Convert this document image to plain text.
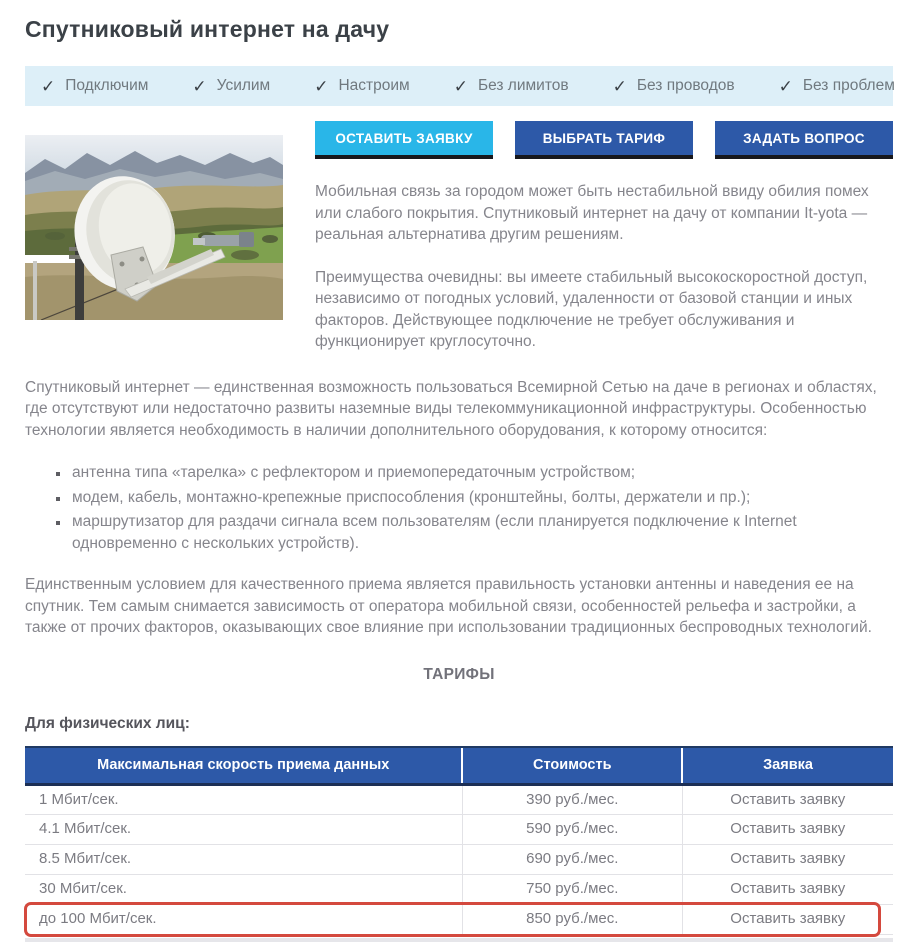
Спутниковый интернет на дачу
✓ Подключим	✓ Усилим	✓ Настроим	✓ Без лимитов	✓ Без проводов	✓ Без проблем
ОСТАВИТЬ ЗАЯВКУ	ВЫБРАТЬ ТАРИФ	ЗАДАТЬ ВОПРОС

Мобильная связь за городом может быть нестабильной ввиду обилия помех или слабого покрытия. Спутниковый интернет на дачу от компании It-yota — реальная альтернатива другим решениям.

Преимущества очевидны: вы имеете стабильный высокоскоростной доступ, независимо от погодных условий, удаленности от базовой станции и иных факторов. Действующее подключение не требует обслуживания и функционирует круглосуточно.

Спутниковый интернет — единственная возможность пользоваться Всемирной Сетью на даче в регионах и областях, где отсутствуют или недостаточно развиты наземные виды телекоммуникационной инфраструктуры. Особенностью технологии является необходимость в наличии дополнительного оборудования, к которому относится:

▪ антенна типа «тарелка» с рефлектором и приемопередаточным устройством;
▪ модем, кабель, монтажно-крепежные приспособления (кронштейны, болты, держатели и пр.);
▪ маршрутизатор для раздачи сигнала всем пользователям (если планируется подключение к Internet одновременно с нескольких устройств).

Единственным условием для качественного приема является правильность установки антенны и наведения ее на спутник. Тем самым снимается зависимость от оператора мобильной связи, особенностей рельефа и застройки, а также от прочих факторов, оказывающих свое влияние при использовании традиционных беспроводных технологий.

ТАРИФЫ
Для физических лиц:
Максимальная скорость приема данных	Стоимость	Заявка
1 Мбит/сек.	390 руб./мес.	Оставить заявку
4.1 Мбит/сек.	590 руб./мес.	Оставить заявку
8.5 Мбит/сек.	690 руб./мес.	Оставить заявку
30 Мбит/сек.	750 руб./мес.	Оставить заявку
до 100 Мбит/сек.	850 руб./мес.	Оставить заявку	
